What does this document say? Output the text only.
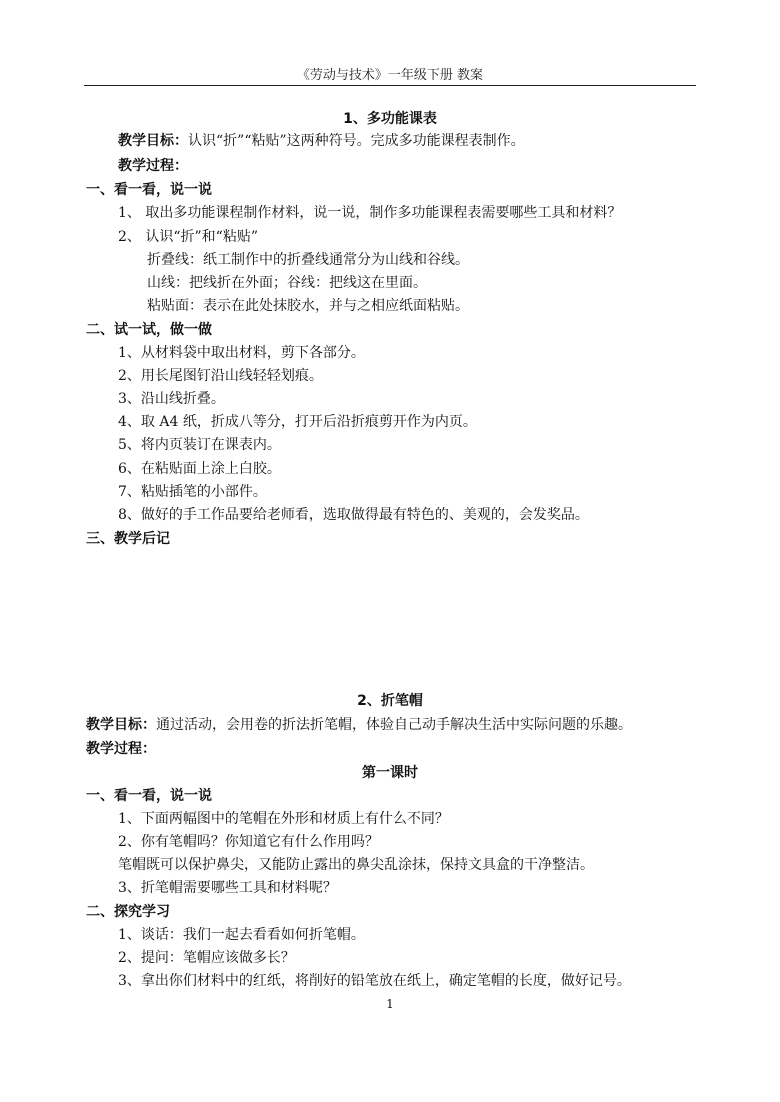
《劳动与技术》一年级下册 教案
1、多功能课表
教学目标：认识“折”“粘贴”这两种符号。完成多功能课程表制作。
教学过程：
一、看一看，说一说
1、 取出多功能课程制作材料，说一说，制作多功能课程表需要哪些工具和材料？
2、 认识“折”和“粘贴”
折叠线：纸工制作中的折叠线通常分为山线和谷线。
山线：把线折在外面；谷线：把线这在里面。
粘贴面：表示在此处抹胶水，并与之相应纸面粘贴。
二、试一试，做一做
1、从材料袋中取出材料，剪下各部分。
2、用长尾图钉沿山线轻轻划痕。
3、沿山线折叠。
4、取 A4 纸，折成八等分，打开后沿折痕剪开作为内页。
5、将内页装订在课表内。
6、在粘贴面上涂上白胶。
7、粘贴插笔的小部件。
8、做好的手工作品要给老师看，选取做得最有特色的、美观的，会发奖品。
三、教学后记
2、折笔帽
教学目标：通过活动，会用卷的折法折笔帽，体验自己动手解决生活中实际问题的乐趣。
教学过程：
第一课时
一、看一看，说一说
1、下面两幅图中的笔帽在外形和材质上有什么不同？
2、你有笔帽吗？你知道它有什么作用吗？
笔帽既可以保护鼻尖，又能防止露出的鼻尖乱涂抹，保持文具盒的干净整洁。
3、折笔帽需要哪些工具和材料呢？
二、探究学习
1、谈话：我们一起去看看如何折笔帽。
2、提问：笔帽应该做多长？
3、拿出你们材料中的红纸，将削好的铅笔放在纸上，确定笔帽的长度，做好记号。
1
